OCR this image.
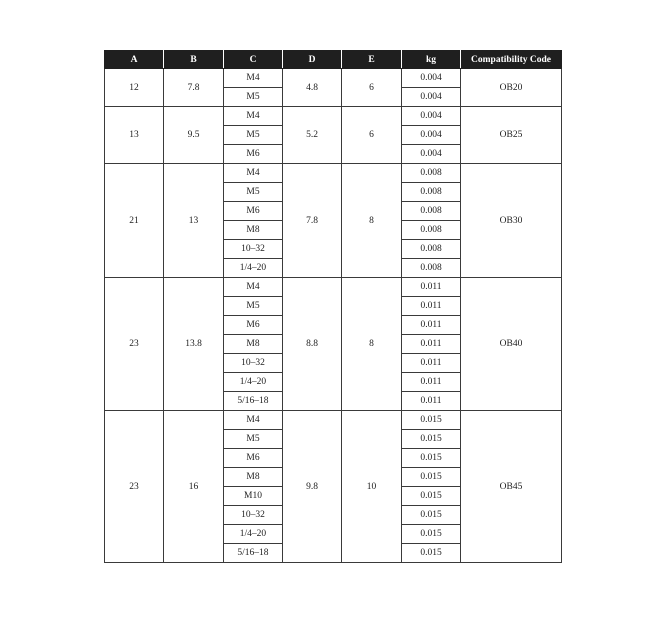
A	B	C	D	E	kg	Compatibility Code
12	7.8	M4	4.8	6	0.004	OB20
		M5			0.004	
13	9.5	M4	5.2	6	0.004	OB25
		M5			0.004	
		M6			0.004	
21	13	M4	7.8	8	0.008	OB30
		M5			0.008	
		M6			0.008	
		M8			0.008	
		10–32			0.008	
		1/4–20			0.008	
23	13.8	M4	8.8	8	0.011	OB40
		M5			0.011	
		M6			0.011	
		M8			0.011	
		10–32			0.011	
		1/4–20			0.011	
		5/16–18			0.011	
23	16	M4	9.8	10	0.015	OB45
		M5			0.015	
		M6			0.015	
		M8			0.015	
		M10			0.015	
		10–32			0.015	
		1/4–20			0.015	
		5/16–18			0.015	
